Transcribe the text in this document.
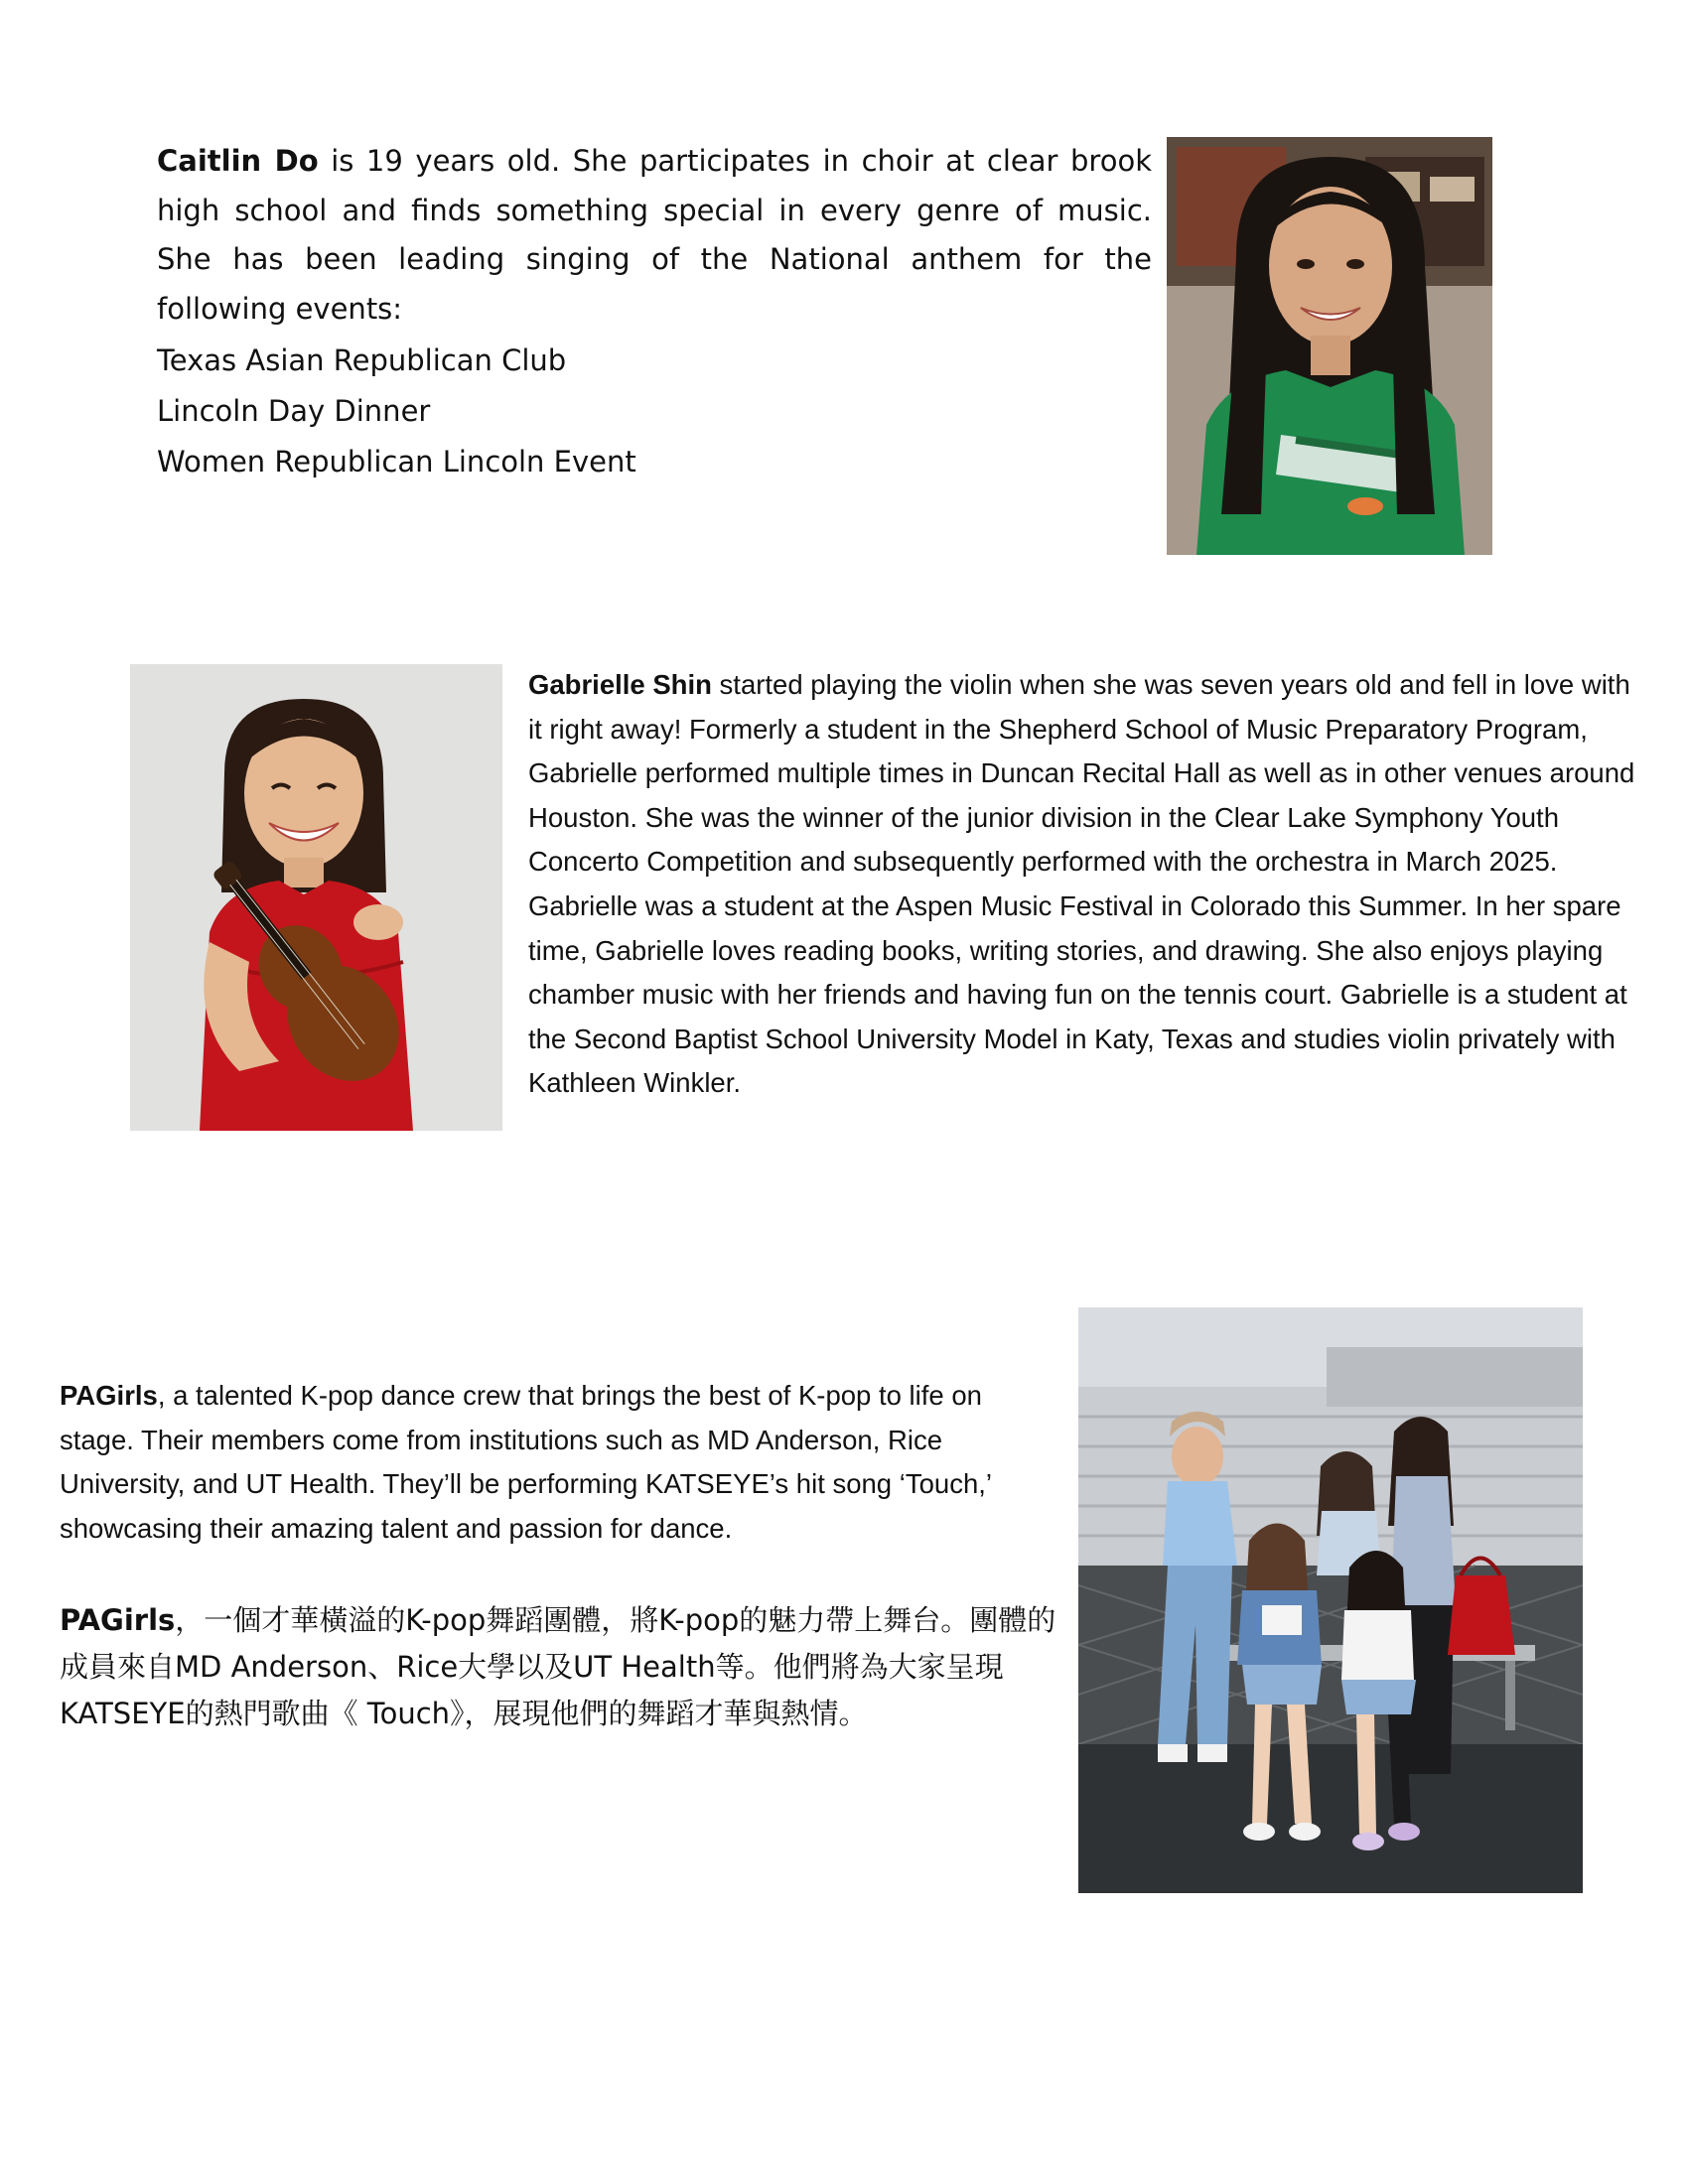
Caitlin Do is 19 years old. She participates in choir at clear brook high school and finds something special in every genre of music. She has been leading singing of the National anthem for the following events:
Texas Asian Republican Club
Lincoln Day Dinner
Women Republican Lincoln Event
Gabrielle Shin started playing the violin when she was seven years old and fell in love with it right away! Formerly a student in the Shepherd School of Music Preparatory Program, Gabrielle performed multiple times in Duncan Recital Hall as well as in other venues around Houston. She was the winner of the junior division in the Clear Lake Symphony Youth Concerto Competition and subsequently performed with the orchestra in March 2025. Gabrielle was a student at the Aspen Music Festival in Colorado this Summer. In her spare time, Gabrielle loves reading books, writing stories, and drawing. She also enjoys playing chamber music with her friends and having fun on the tennis court. Gabrielle is a student at the Second Baptist School University Model in Katy, Texas and studies violin privately with Kathleen Winkler.
PAGirls, a talented K-pop dance crew that brings the best of K-pop to life on stage. Their members come from institutions such as MD Anderson, Rice University, and UT Health. They’ll be performing KATSEYE’s hit song ‘Touch,’ showcasing their amazing talent and passion for dance.
PAGirls，一個才華橫溢的K-pop舞蹈團體，將K-pop的魅力帶上舞台。團體的成員來自MD Anderson、Rice大學以及UT Health等。他們將為大家呈現KATSEYE的熱門歌曲《 Touch》，展現他們的舞蹈才華與熱情。
